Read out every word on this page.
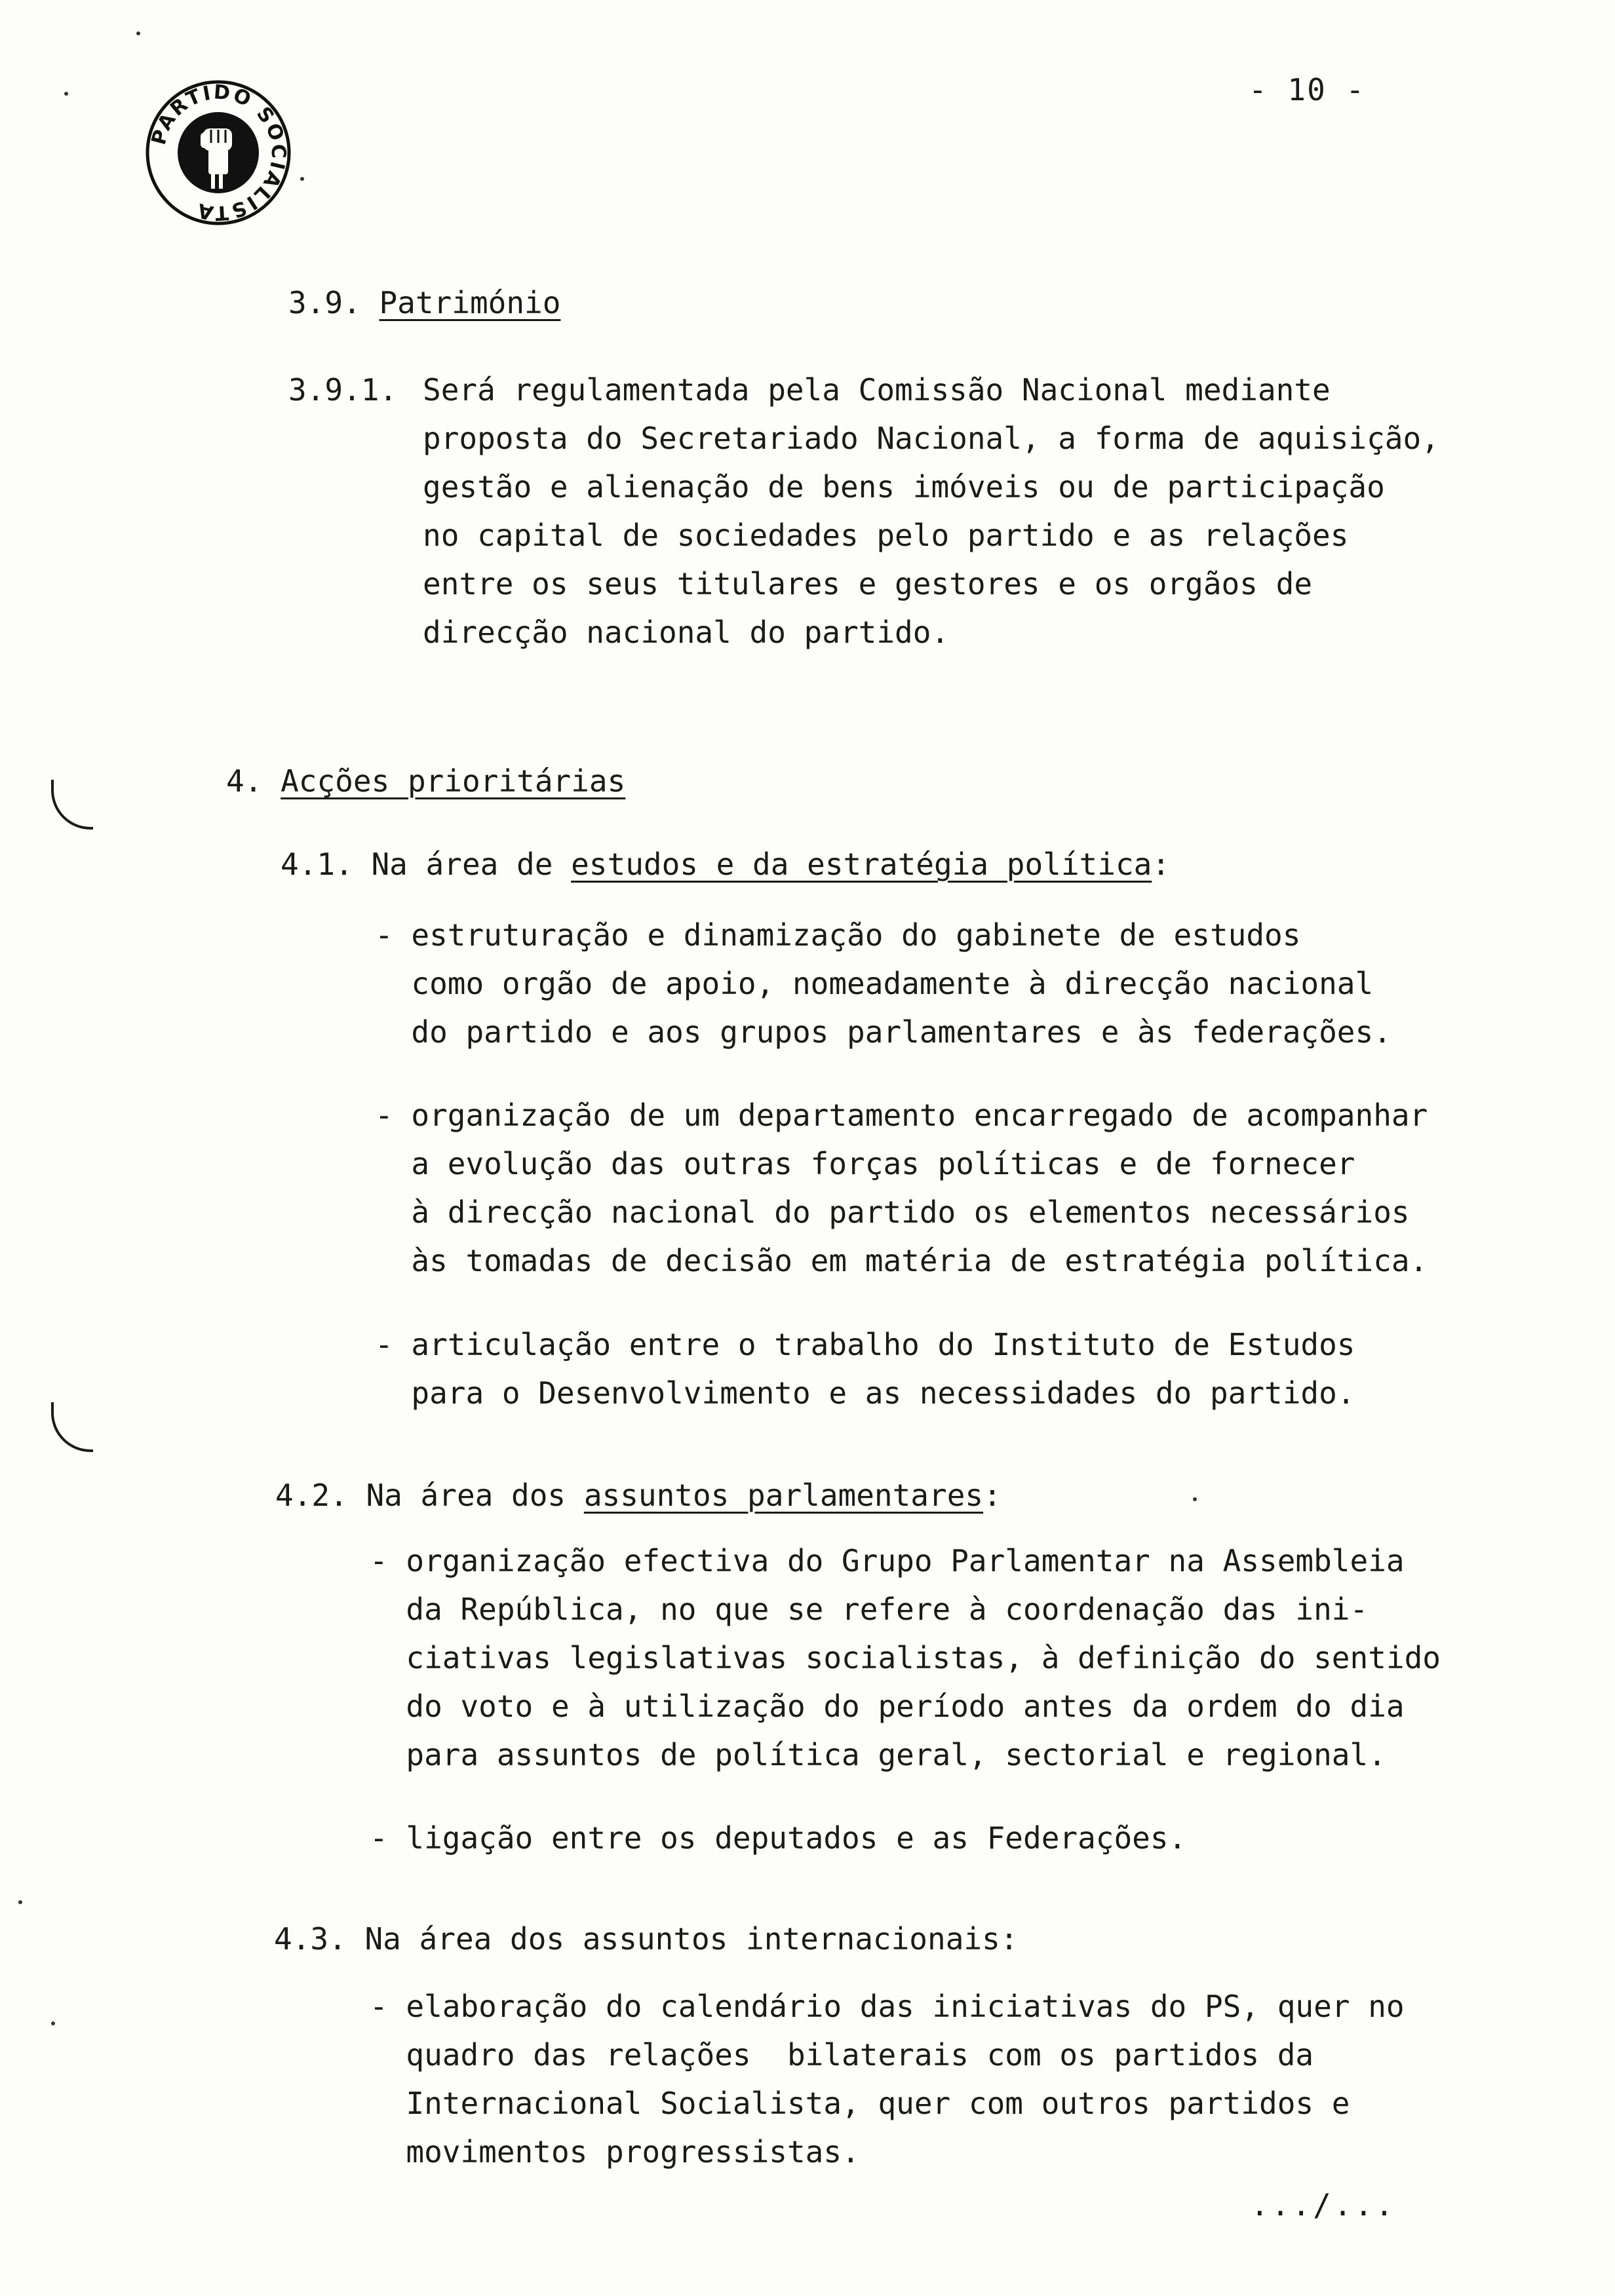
PARTIDO SOCIALISTA
- 10 -
3.9. Património
3.9.1. Será regulamentada pela Comissão Nacional mediante
proposta do Secretariado Nacional, a forma de aquisição,
gestão e alienação de bens imóveis ou de participação
no capital de sociedades pelo partido e as relações
entre os seus titulares e gestores e os orgãos de
direcção nacional do partido.
4. Acções prioritárias
4.1. Na área de estudos e da estratégia política:
- estruturação e dinamização do gabinete de estudos
como orgão de apoio, nomeadamente à direcção nacional
do partido e aos grupos parlamentares e às federações.
- organização de um departamento encarregado de acompanhar
a evolução das outras forças políticas e de fornecer
à direcção nacional do partido os elementos necessários
às tomadas de decisão em matéria de estratégia política.
- articulação entre o trabalho do Instituto de Estudos
para o Desenvolvimento e as necessidades do partido.
4.2. Na área dos assuntos parlamentares:
- organização efectiva do Grupo Parlamentar na Assembleia
da República, no que se refere à coordenação das ini-
ciativas legislativas socialistas, à definição do sentido
do voto e à utilização do período antes da ordem do dia
para assuntos de política geral, sectorial e regional.
- ligação entre os deputados e as Federações.
4.3. Na área dos assuntos internacionais:
- elaboração do calendário das iniciativas do PS, quer no
quadro das relações  bilaterais com os partidos da
Internacional Socialista, quer com outros partidos e
movimentos progressistas.
.../...
